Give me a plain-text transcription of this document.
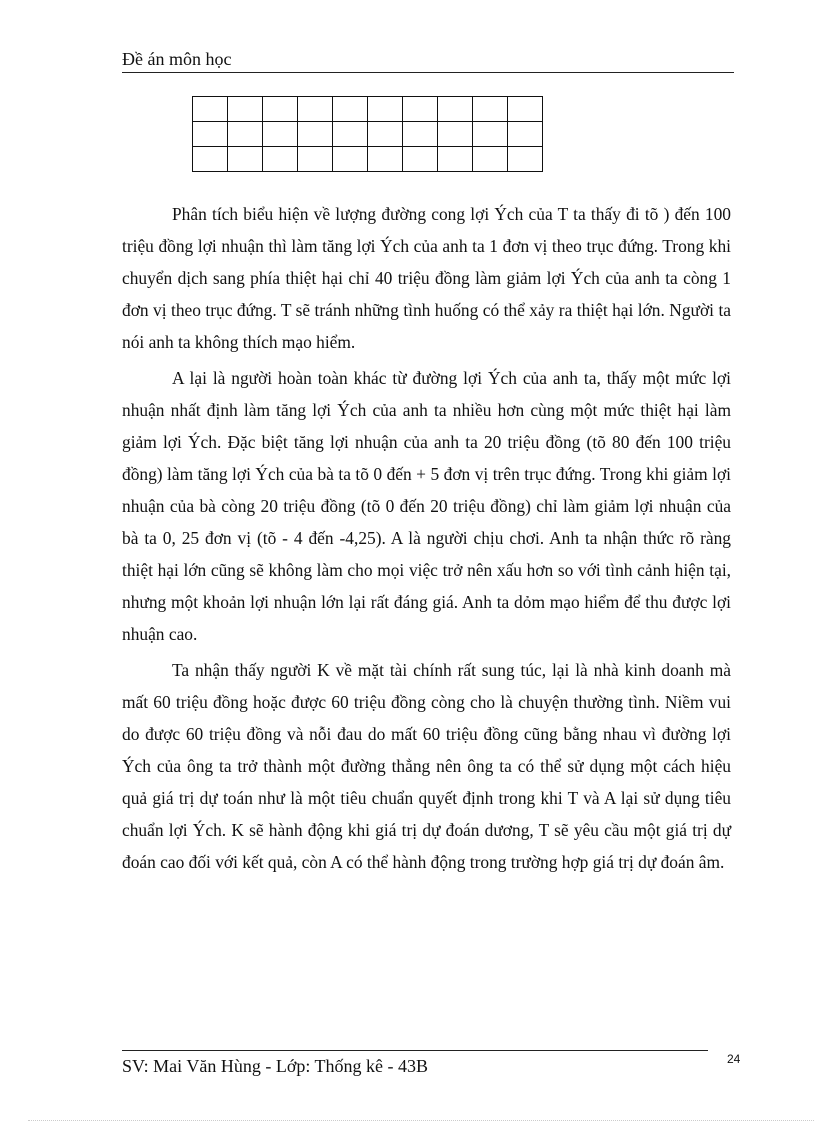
Đề án môn học

Phân tích biểu hiện về lượng đường cong lợi Ých của T ta thấy đi tõ ) đến 100 triệu đồng lợi nhuận thì làm tăng lợi Ých của anh ta 1 đơn vị theo trục đứng. Trong khi chuyển dịch sang phía thiệt hại chỉ 40 triệu đồng làm giảm lợi Ých của anh ta còng 1 đơn vị theo trục đứng. T sẽ tránh những tình huống có thể xảy ra thiệt hại lớn. Người ta nói anh ta không thích mạo hiểm.

A lại là người hoàn toàn khác từ đường lợi Ých của anh ta, thấy một mức lợi nhuận nhất định làm tăng lợi Ých của anh ta nhiều hơn cùng một mức thiệt hại làm giảm lợi Ých. Đặc biệt tăng lợi nhuận của anh ta 20 triệu đồng (tõ 80 đến 100 triệu đồng) làm tăng lợi Ých của bà ta tõ 0 đến + 5 đơn vị trên trục đứng. Trong khi giảm lợi nhuận của bà còng 20 triệu đồng (tõ 0 đến 20 triệu đồng) chỉ làm giảm lợi nhuận của bà ta 0, 25 đơn vị (tõ - 4 đến -4,25). A là người chịu chơi. Anh ta nhận thức rõ ràng thiệt hại lớn cũng sẽ không làm cho mọi việc trở nên xấu hơn so với tình cảnh hiện tại, nhưng một khoản lợi nhuận lớn lại rất đáng giá. Anh ta dỏm mạo hiểm để thu được lợi nhuận cao.

Ta nhận thấy người K về mặt tài chính rất sung túc, lại là nhà kinh doanh mà mất 60 triệu đồng hoặc được 60 triệu đồng còng cho là chuyện thường tình. Niềm vui do được 60 triệu đồng và nỗi đau do mất 60 triệu đồng cũng bằng nhau vì đường lợi Ých của ông ta trở thành một đường thẳng nên ông ta có thể sử dụng một cách hiệu quả giá trị dự toán như là một tiêu chuẩn quyết định trong khi T và A lại sử dụng tiêu chuẩn lợi Ých. K sẽ hành động khi giá trị dự đoán dương, T sẽ yêu cầu một giá trị dự đoán cao đối với kết quả, còn A có thể hành động trong trường hợp giá trị dự đoán âm.

SV: Mai Văn Hùng - Lớp: Thống kê - 43B	24
